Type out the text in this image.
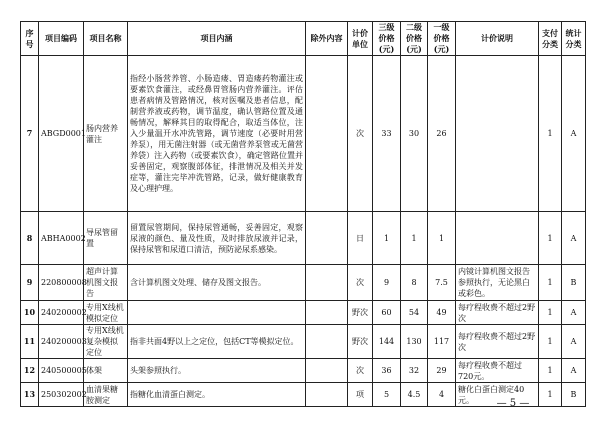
序号	项目编码	项目名称	项目内涵	除外内容	计价单位	三级价格(元)	二级价格(元)	一级价格(元)	计价说明	支付分类	统计分类
7	ABGD0001	肠内营养灌注	指经小肠营养管、小肠造瘘、胃造瘘药物灌注或要素饮食灌注，或经鼻胃管肠内营养灌注。评估患者病情及管路情况，核对医嘱及患者信息，配制营养液或药物，调节温度，确认管路位置及通畅情况，解释其目的取得配合，取适当体位，注入少量温开水冲洗管路，调节速度（必要时用营养泵），用无菌注射器（或无菌营养泵管或无菌营养袋）注入药物（或要素饮食），确定管路位置并妥善固定，观察腹部体征，排泄情况及相关并发症等，灌注完毕冲洗管路，记录，做好健康教育及心理护理。		次	33	30	26		1	A
8	ABHA0002	导尿管留置	留置尿管期间，保持尿管通畅，妥善固定，观察尿液的颜色、量及性质，及时排放尿液并记录，保持尿管和尿道口清洁，预防泌尿系感染。		日	1	1	1		1	A
9	220800008	超声计算机图文报告	含计算机图文处理、储存及图文报告。		次	9	8	7.5	内镜计算机图文报告参照执行，无论黑白或彩色。	1	B
10	240200002	专用X线机模拟定位			野次	60	54	49	每疗程收费不超过2野次	1	A
11	240200003	专用X线机复杂模拟定位	指非共面4野以上之定位，包括CT等模拟定位。		野次	144	130	117	每疗程收费不超过2野次	1	A
12	240500005	体架	头架参照执行。		次	36	32	29	每疗程收费不超过720元。	1	A
13	250302002	血清果糖胺测定	指糖化血清蛋白测定。		项	5	4.5	4	糖化白蛋白测定40元。	1	B
— 5 —
